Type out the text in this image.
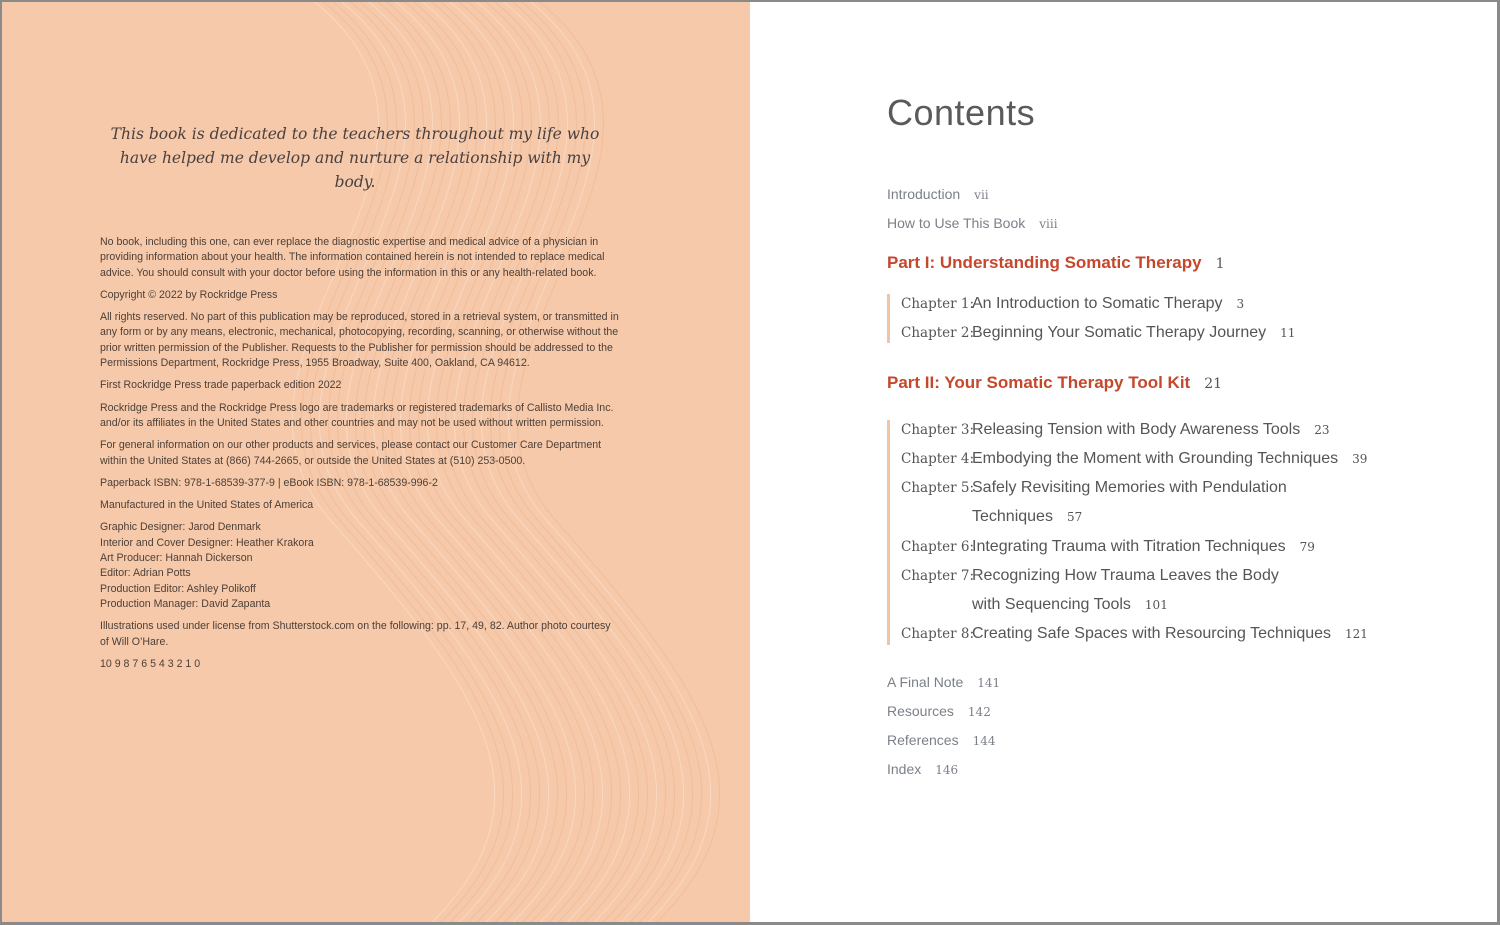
This book is dedicated to the teachers throughout my life who have helped me develop and nurture a relationship with my body.

No book, including this one, can ever replace the diagnostic expertise and medical advice of a physician in providing information about your health. The information contained herein is not intended to replace medical advice. You should consult with your doctor before using the information in this or any health-related book.

Copyright © 2022 by Rockridge Press

All rights reserved. No part of this publication may be reproduced, stored in a retrieval system, or transmitted in any form or by any means, electronic, mechanical, photocopying, recording, scanning, or otherwise without the prior written permission of the Publisher. Requests to the Publisher for permission should be addressed to the Permissions Department, Rockridge Press, 1955 Broadway, Suite 400, Oakland, CA 94612.

First Rockridge Press trade paperback edition 2022

Rockridge Press and the Rockridge Press logo are trademarks or registered trademarks of Callisto Media Inc. and/or its affiliates in the United States and other countries and may not be used without written permission.

For general information on our other products and services, please contact our Customer Care Department within the United States at (866) 744-2665, or outside the United States at (510) 253-0500.

Paperback ISBN: 978-1-68539-377-9 | eBook ISBN: 978-1-68539-996-2

Manufactured in the United States of America

Graphic Designer: Jarod Denmark
Interior and Cover Designer: Heather Krakora
Art Producer: Hannah Dickerson
Editor: Adrian Potts
Production Editor: Ashley Polikoff
Production Manager: David Zapanta

Illustrations used under license from Shutterstock.com on the following: pp. 17, 49, 82. Author photo courtesy of Will O’Hare.

10 9 8 7 6 5 4 3 2 1 0

Contents
Introduction vii
How to Use This Book viii
Part I: Understanding Somatic Therapy 1
Chapter 1:An Introduction to Somatic Therapy 3
Chapter 2:Beginning Your Somatic Therapy Journey 11
Part II: Your Somatic Therapy Tool Kit 21
Chapter 3:Releasing Tension with Body Awareness Tools 23
Chapter 4:Embodying the Moment with Grounding Techniques 39
Chapter 5:Safely Revisiting Memories with Pendulation
Techniques 57
Chapter 6:Integrating Trauma with Titration Techniques 79
Chapter 7:Recognizing How Trauma Leaves the Body
with Sequencing Tools 101
Chapter 8:Creating Safe Spaces with Resourcing Techniques 121
A Final Note 141
Resources 142
References 144
Index 146
